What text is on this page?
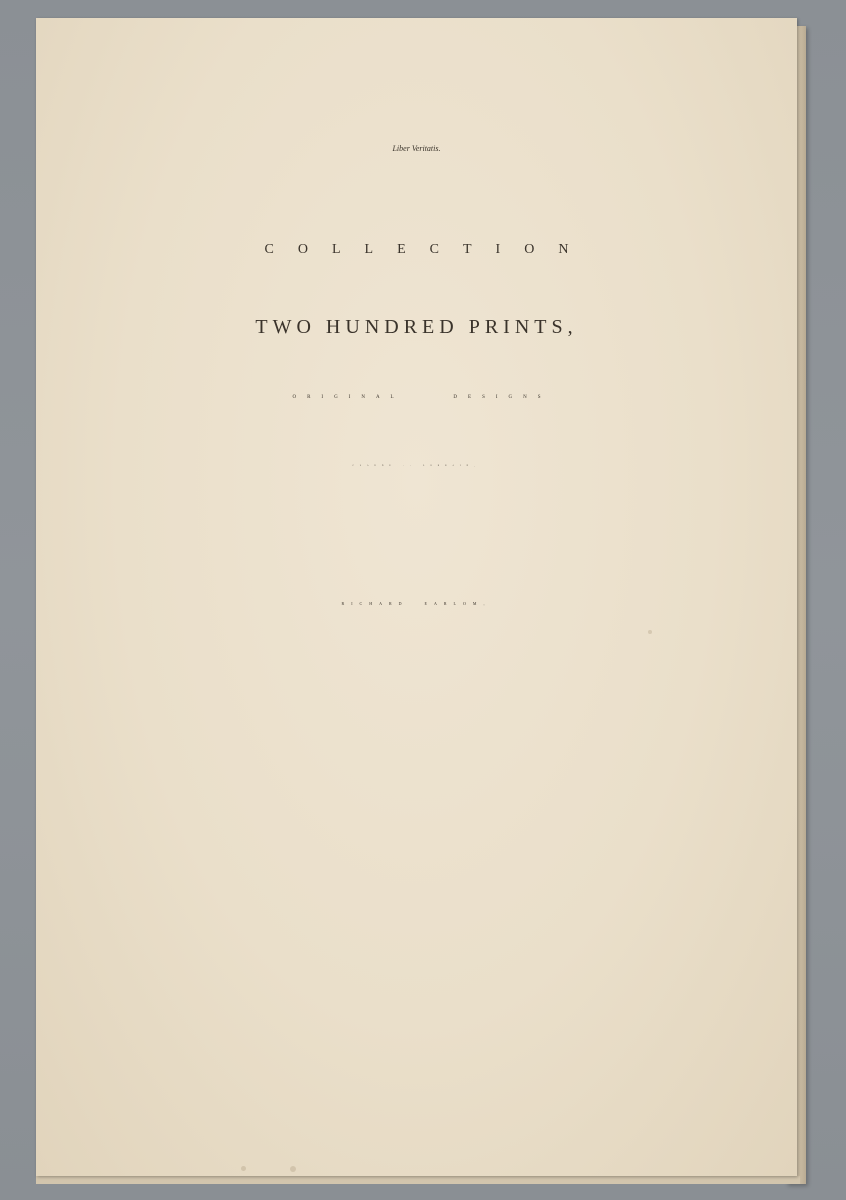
Liber Veritatis.
COLLECTION
TWO HUNDRED PRINTS,
ORIGINAL    DESIGNS
CLAUDE LE LORRAIN,
RICHARD  EARLOM,
